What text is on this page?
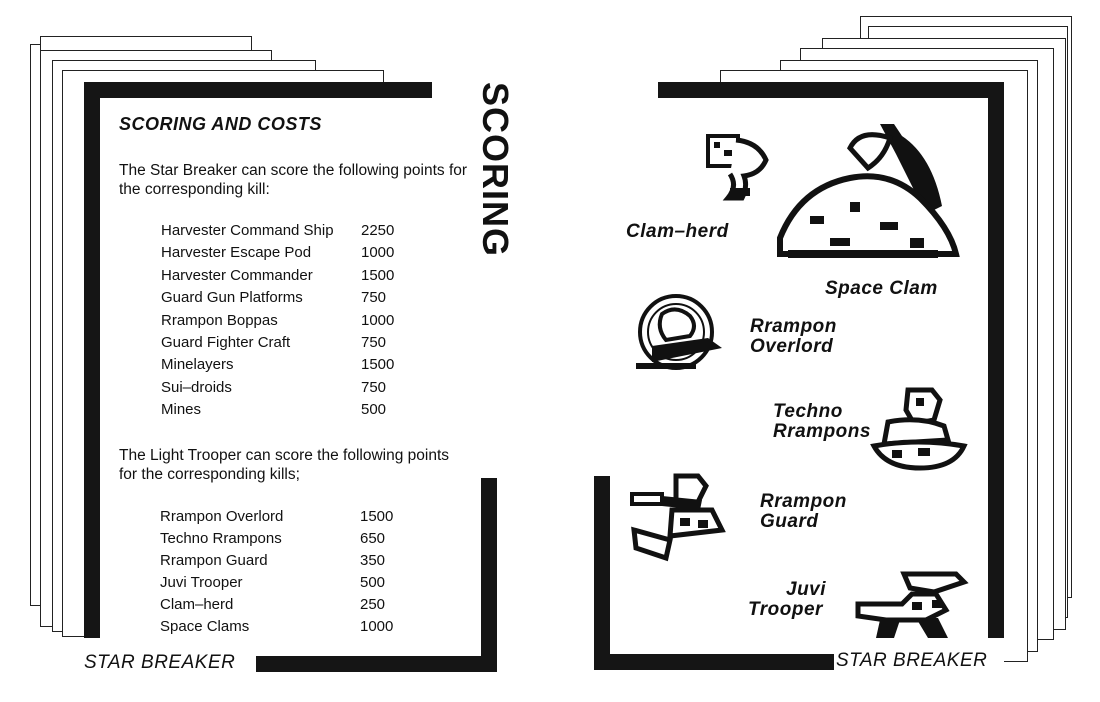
SCORING AND COSTS	SCORING
The Star Breaker can score the following points for the corresponding kill:
Harvester Command Ship 2250
Harvester Escape Pod	1000
Harvester Commander	1500
Guard Gun Platforms	750
Rrampon Boppas	1000
Guard Fighter Craft	750
Minelayers	1500
Sui–droids	750
Mines	500
The Light Trooper can score the following points for the corresponding kills;
Rrampon Overlord	1500
Techno Rrampons	650
Rrampon Guard	350
Juvi Trooper	500
Clam–herd	250
Space Clams	1000
STAR BREAKER
Clam–herd
Space Clam
Rrampon
Overlord
Techno
Rrampons
Rrampon
Guard
Juvi
Trooper
STAR BREAKER
